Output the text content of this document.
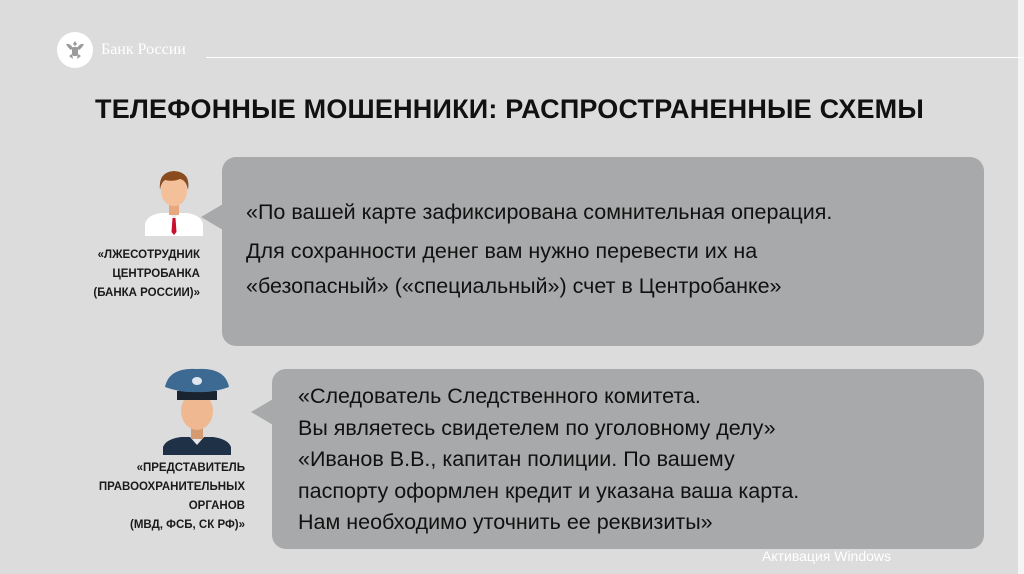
Банк России
ТЕЛЕФОННЫЕ МОШЕННИКИ: РАСПРОСТРАНЕННЫЕ СХЕМЫ
«ЛЖЕСОТРУДНИК
ЦЕНТРОБАНКА
(БАНКА РОССИИ)»
«По вашей карте зафиксирована сомнительная операция.
Для сохранности денег вам нужно перевести их на
«безопасный» («специальный») счет в Центробанке»
«ПРЕДСТАВИТЕЛЬ
ПРАВООХРАНИТЕЛЬНЫХ
ОРГАНОВ
(МВД, ФСБ, СК РФ)»
«Следователь Следственного комитета.
Вы являетесь свидетелем по уголовному делу»
«Иванов В.В., капитан полиции. По вашему
паспорту оформлен кредит и указана ваша карта.
Нам необходимо уточнить ее реквизиты»
Активация Windows
